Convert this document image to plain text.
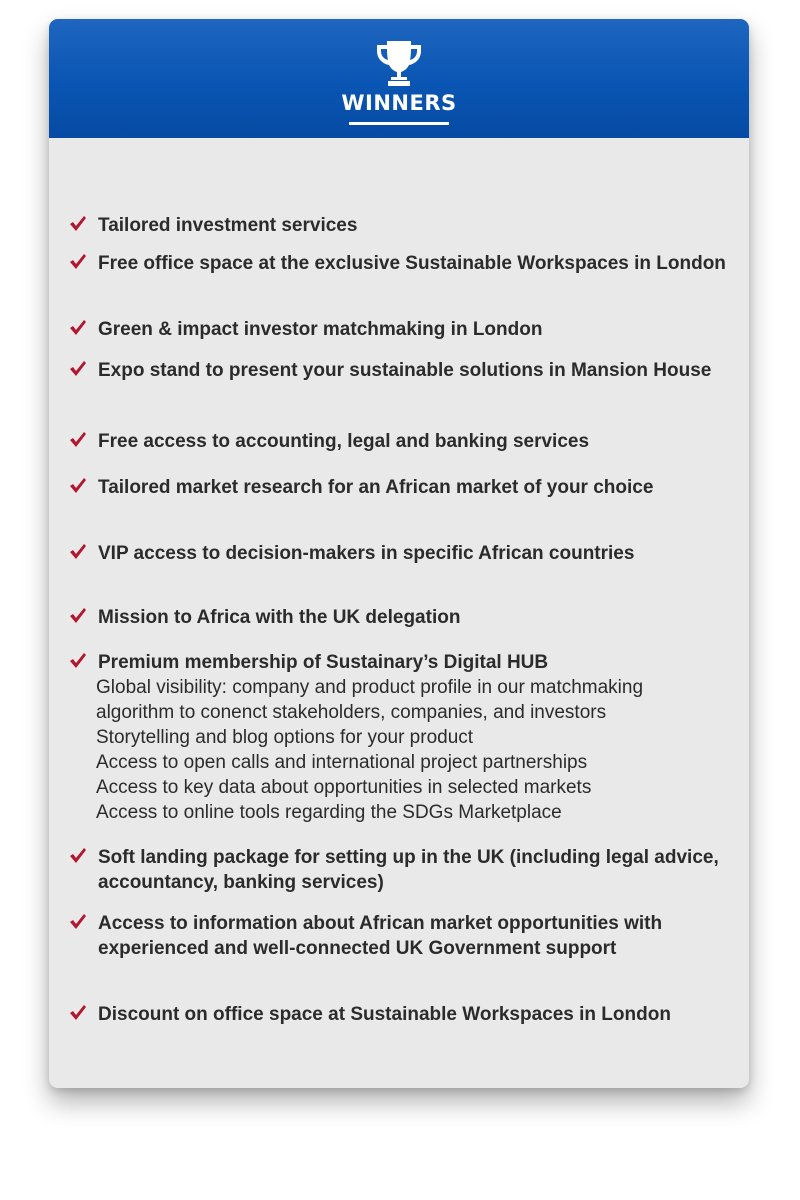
WINNERS
Tailored investment services
Free office space at the exclusive Sustainable Workspaces in London
Green & impact investor matchmaking in London
Expo stand to present your sustainable solutions in Mansion House
Free access to accounting, legal and banking services
Tailored market research for an African market of your choice
VIP access to decision-makers in specific African countries
Mission to Africa with the UK delegation
Premium membership of Sustainary’s Digital HUB
Global visibility: company and product profile in our matchmaking
algorithm to conenct stakeholders, companies, and investors
Storytelling and blog options for your product
Access to open calls and international project partnerships
Access to key data about opportunities in selected markets
Access to online tools regarding the SDGs Marketplace
Soft landing package for setting up in the UK (including legal advice, accountancy, banking services)
Access to information about African market opportunities with experienced and well-connected UK Government support
Discount on office space at Sustainable Workspaces in London
